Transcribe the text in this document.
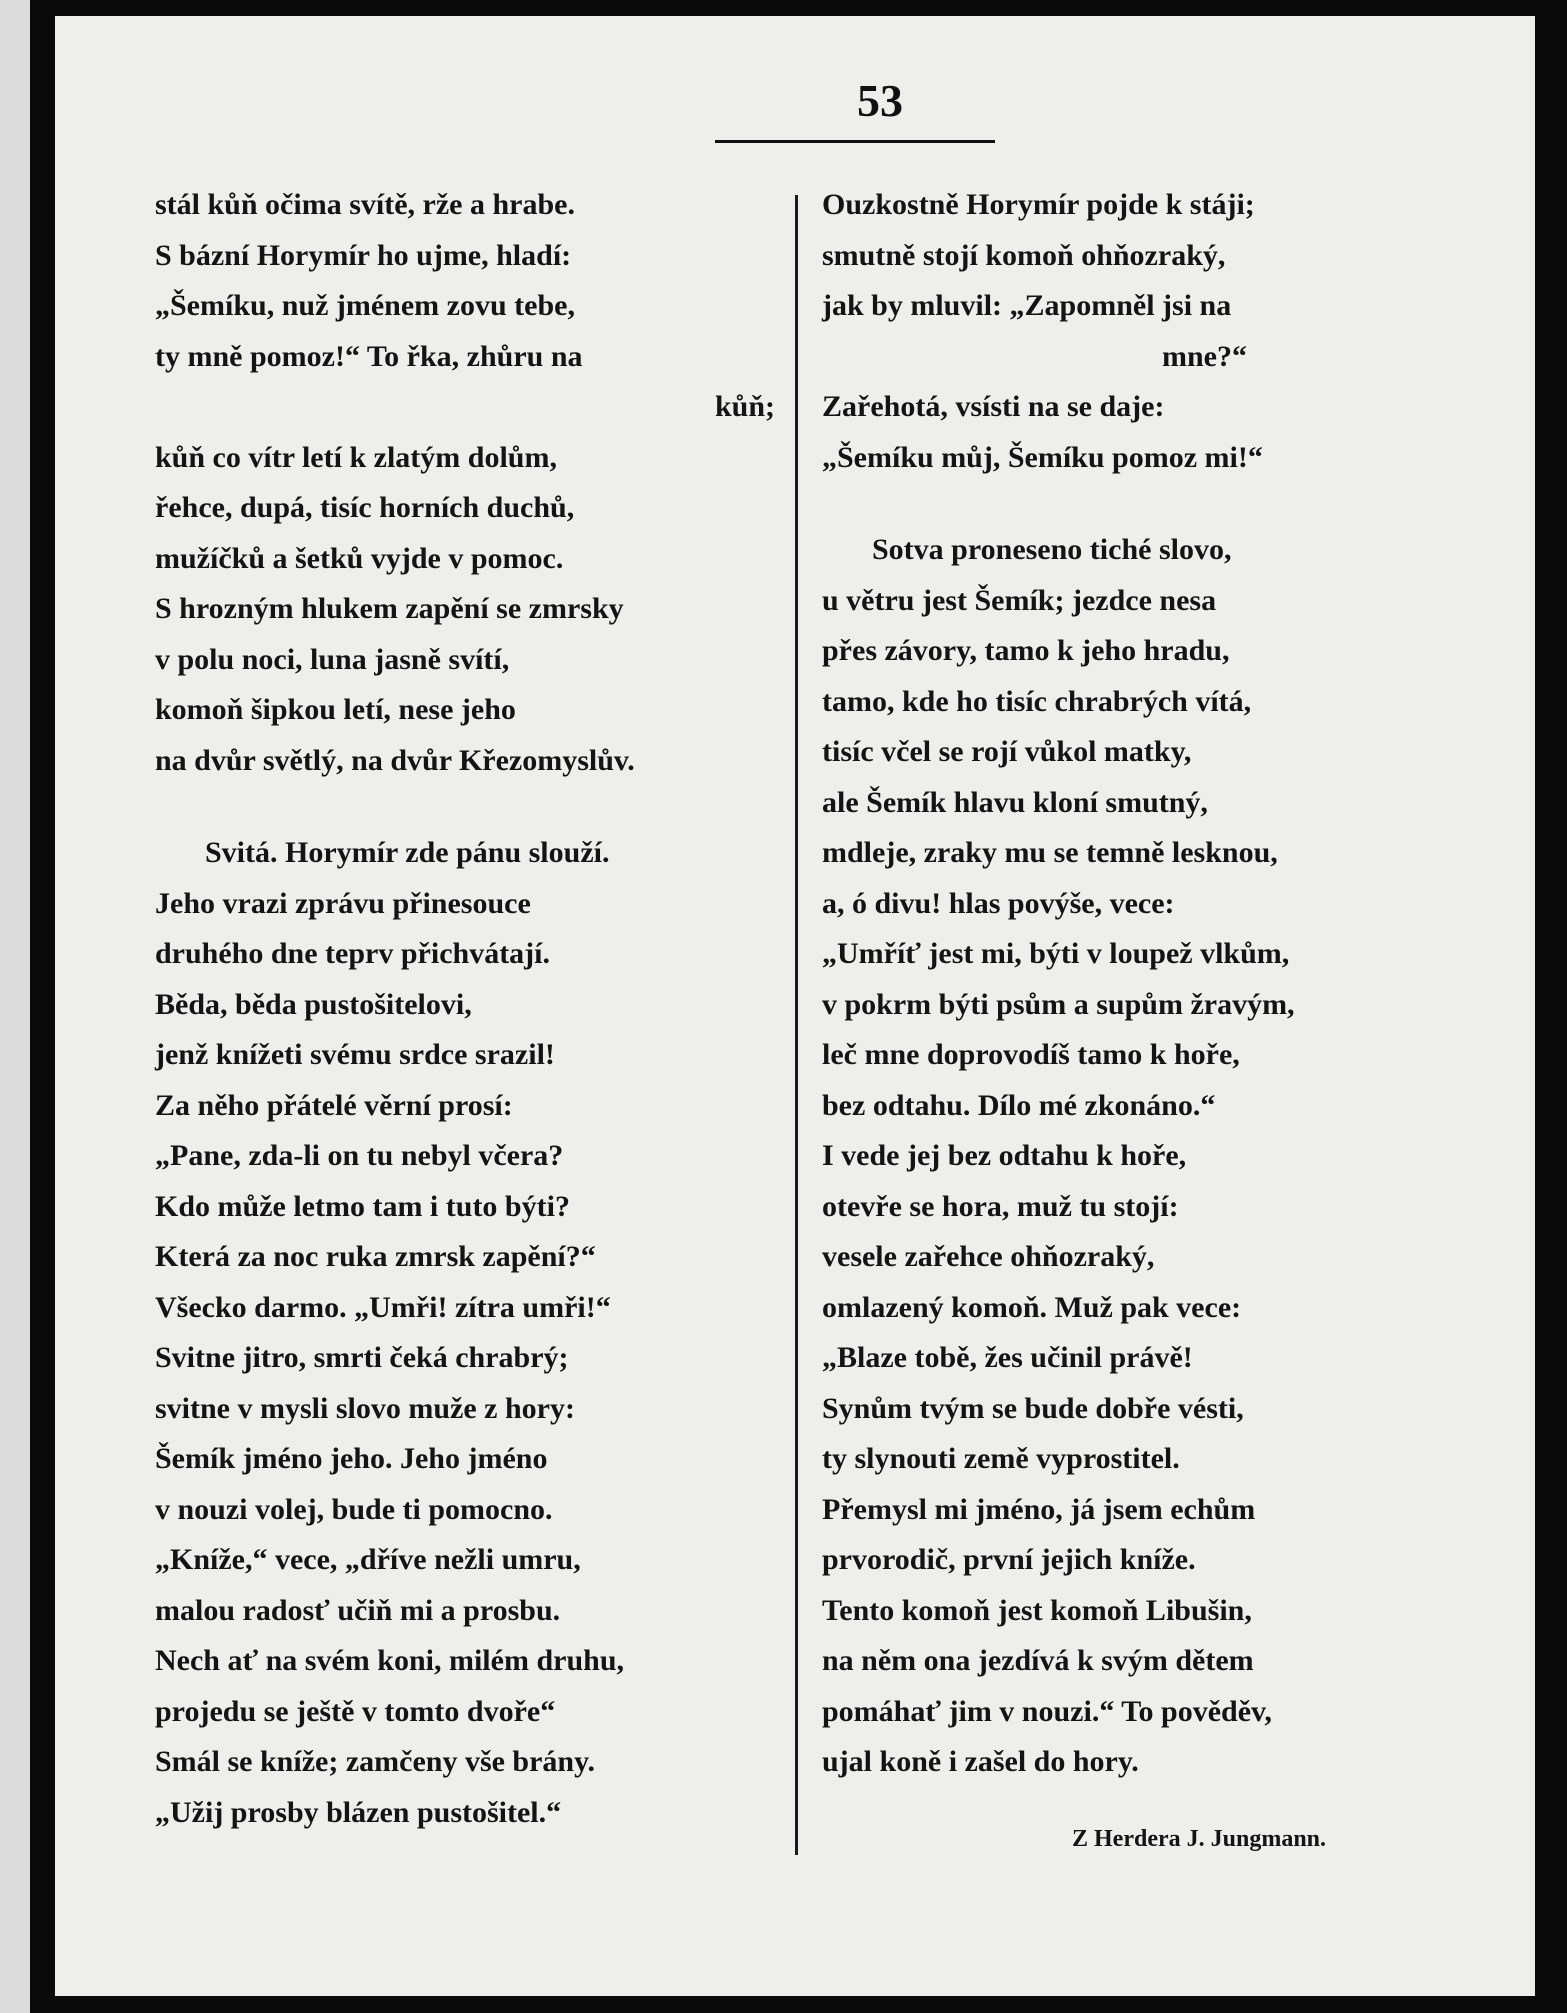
53
stál kůň očima svítě, rže a hrabe.
S bázní Horymír ho ujme, hladí:
„Šemíku, nuž jménem zovu tebe,
ty mně pomoz!“ To řka, zhůru na
kůň;
kůň co vítr letí k zlatým dolům,
řehce, dupá, tisíc horních duchů,
mužíčků a šetků vyjde v pomoc.
S hrozným hlukem zapění se zmrsky
v polu noci, luna jasně svítí,
komoň šipkou letí, nese jeho
na dvůr světlý, na dvůr Křezomyslův.
Svitá. Horymír zde pánu slouží.
Jeho vrazi zprávu přinesouce
druhého dne teprv přichvátají.
Běda, běda pustošitelovi,
jenž knížeti svému srdce srazil!
Za něho přátelé věrní prosí:
„Pane, zda-li on tu nebyl včera?
Kdo může letmo tam i tuto býti?
Která za noc ruka zmrsk zapění?“
Všecko darmo. „Umři! zítra umři!“
Svitne jitro, smrti čeká chrabrý;
svitne v mysli slovo muže z hory:
Šemík jméno jeho. Jeho jméno
v nouzi volej, bude ti pomocno.
„Kníže,“ vece, „dříve nežli umru,
malou radosť učiň mi a prosbu.
Nech ať na svém koni, milém druhu,
projedu se ještě v tomto dvoře“
Smál se kníže; zamčeny vše brány.
„Užij prosby blázen pustošitel.“
Ouzkostně Horymír pojde k stáji;
smutně stojí komoň ohňozraký,
jak by mluvil: „Zapomněl jsi na
mne?“
Zařehotá, vsísti na se daje:
„Šemíku můj, Šemíku pomoz mi!“
Sotva proneseno tiché slovo,
u větru jest Šemík; jezdce nesa
přes závory, tamo k jeho hradu,
tamo, kde ho tisíc chrabrých vítá,
tisíc včel se rojí vůkol matky,
ale Šemík hlavu kloní smutný,
mdleje, zraky mu se temně lesknou,
a, ó divu! hlas povýše, vece:
„Umříť jest mi, býti v loupež vlkům,
v pokrm býti psům a supům žravým,
leč mne doprovodíš tamo k hoře,
bez odtahu. Dílo mé zkonáno.“
I vede jej bez odtahu k hoře,
otevře se hora, muž tu stojí:
vesele zařehce ohňozraký,
omlazený komoň. Muž pak vece:
„Blaze tobě, žes učinil právě!
Synům tvým se bude dobře vésti,
ty slynouti země vyprostitel.
Přemysl mi jméno, já jsem echům
prvorodič, první jejich kníže.
Tento komoň jest komoň Libušin,
na něm ona jezdívá k svým dětem
pomáhať jim v nouzi.“ To pověděv,
ujal koně i zašel do hory.
Z Herdera J. Jungmann.
